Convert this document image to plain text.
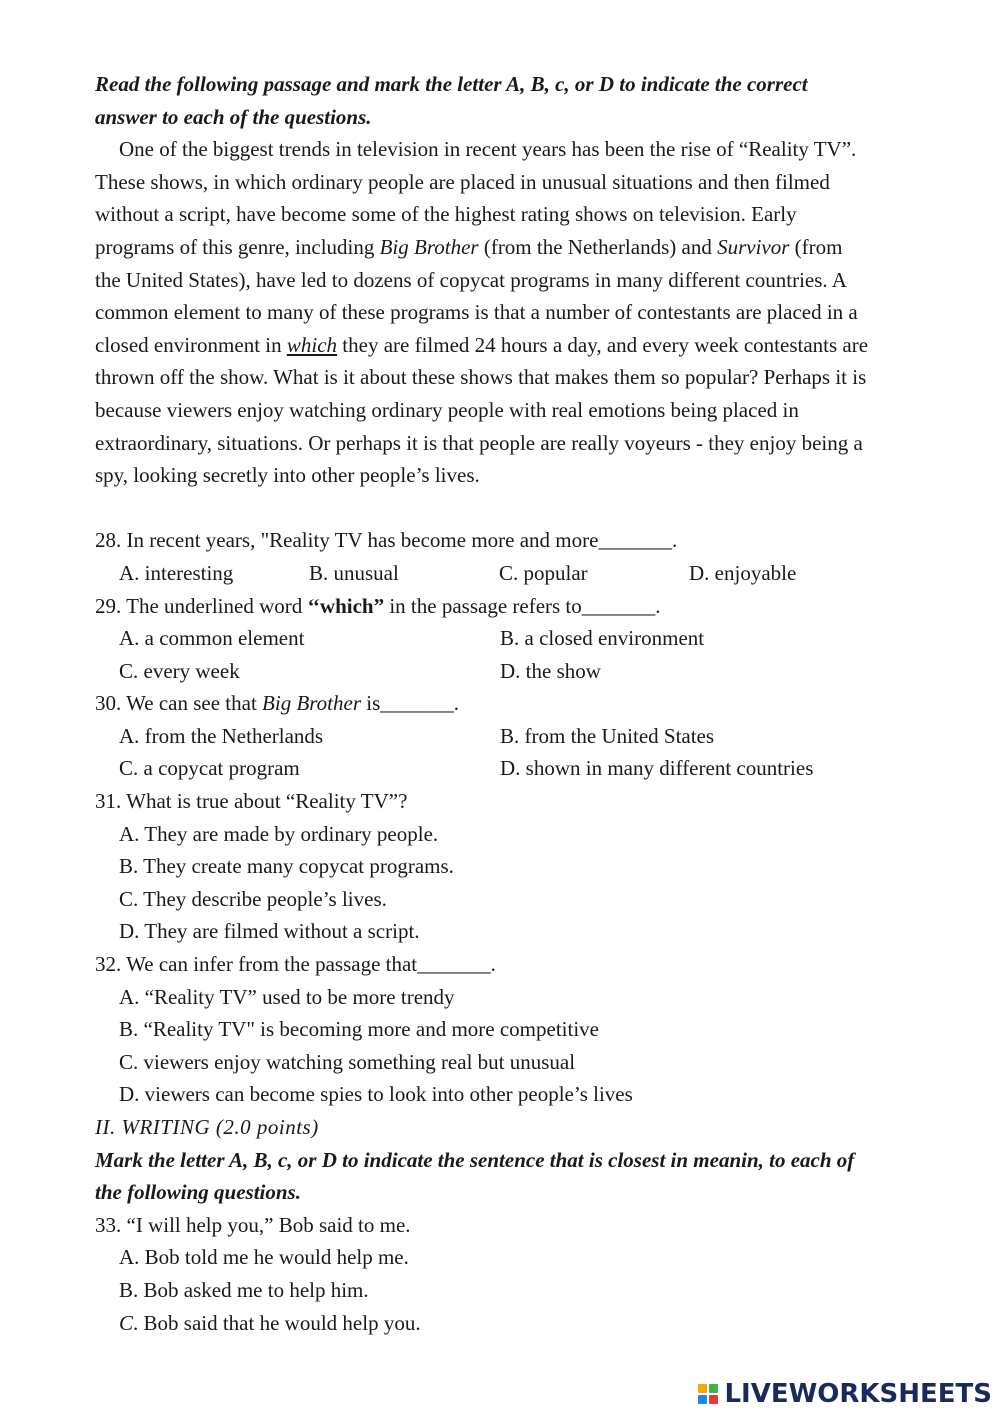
Read the following passage and mark the letter A, B, c, or D to indicate the correct
answer to each of the questions.
One of the biggest trends in television in recent years has been the rise of “Reality TV”.
These shows, in which ordinary people are placed in unusual situations and then filmed
without a script, have become some of the highest rating shows on television. Early
programs of this genre, including Big Brother (from the Netherlands) and Survivor (from
the United States), have led to dozens of copycat programs in many different countries. A
common element to many of these programs is that a number of contestants are placed in a
closed environment in which they are filmed 24 hours a day, and every week contestants are
thrown off the show. What is it about these shows that makes them so popular? Perhaps it is
because viewers enjoy watching ordinary people with real emotions being placed in
extraordinary, situations. Or perhaps it is that people are really voyeurs - they enjoy being a
spy, looking secretly into other people’s lives.
28. In recent years, "Reality TV has become more and more_______.
A. interesting	B. unusual	C. popular	D. enjoyable
29. The underlined word ‘‘which” in the passage refers to_______.
A. a common element	B. a closed environment
C. every week	D. the show
30. We can see that Big Brother is_______.
A. from the Netherlands	B. from the United States
C. a copycat program	D. shown in many different countries
31. What is true about “Reality TV”?
A. They are made by ordinary people.
B. They create many copycat programs.
C. They describe people’s lives.
D. They are filmed without a script.
32. We can infer from the passage that_______.
A. “Reality TV” used to be more trendy
B. “Reality TV" is becoming more and more competitive
C. viewers enjoy watching something real but unusual
D. viewers can become spies to look into other people’s lives
II. WRITING (2.0 points)
Mark the letter A, B, c, or D to indicate the sentence that is closest in meanin, to each of
the following questions.
33. “I will help you,” Bob said to me.
A. Bob told me he would help me.
B. Bob asked me to help him.
C. Bob said that he would help you.
LIVEWORKSHEETS
